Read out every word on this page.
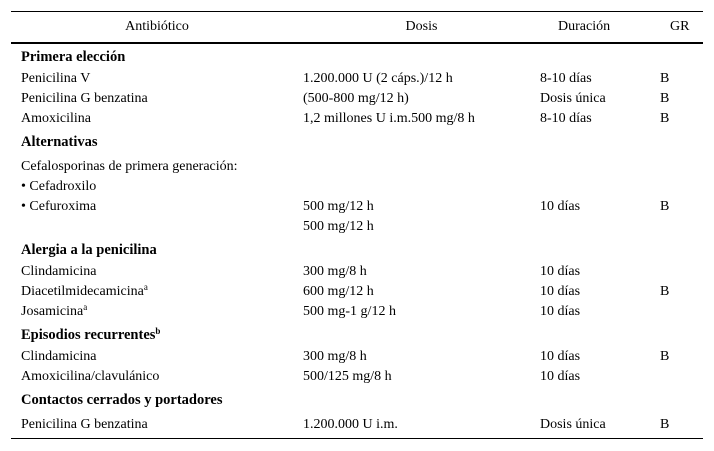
Antibiótico	Dosis	Duración	GR
Primera elección			
Penicilina V	1.200.000 U (2 cáps.)/12 h	8-10 días	B
Penicilina G benzatina	(500-800 mg/12 h)	Dosis única	B
Amoxicilina	1,2 millones U i.m.500 mg/8 h	8-10 días	B
Alternativas			
Cefalosporinas de primera generación:			
• Cefadroxilo			
• Cefuroxima	500 mg/12 h	10 días	B
	500 mg/12 h		
Alergia a la penicilina			
Clindamicina	300 mg/8 h	10 días	
Diacetilmidecamicina$^a$	600 mg/12 h	10 días	B
Josamicina$^a$	500 mg-1 g/12 h	10 días	
Episodios recurrentes$^b$
Clindamicina	300 mg/8 h	10 días	B
Amoxicilina/clavulánico	500/125 mg/8 h	10 días	
Contactos cerrados y portadores			
Penicilina G benzatina	1.200.000 U i.m.	Dosis única	B
